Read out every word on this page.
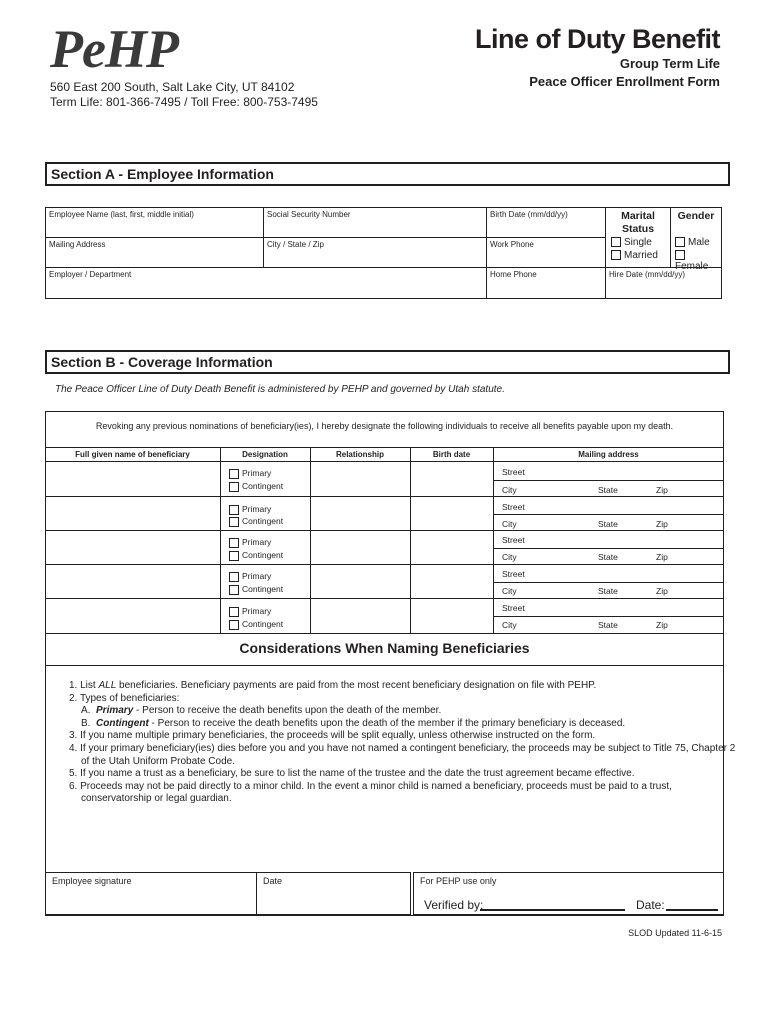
PeHP
560 East 200 South, Salt Lake City, UT 84102
Term Life: 801-366-7495 / Toll Free: 800-753-7495
Line of Duty Benefit
Group Term Life
Peace Officer Enrollment Form
Section A - Employee Information
Employee Name (last, first, middle initial)	Social Security Number	Birth Date (mm/dd/yy)
Mailing Address	City / State / Zip	Work Phone
Employer / Department	Home Phone	Hire Date (mm/dd/yy)
Marital Status
Single
Married
Gender
Male
Female
Section B - Coverage Information
The Peace Officer Line of Duty Death Benefit is administered by PEHP and governed by Utah statute.
Revoking any previous nominations of beneficiary(ies), I hereby designate the following individuals to receive all benefits payable upon my death.
Full given name of beneficiary	Designation	Relationship	Birth date	Mailing address
Primary
Contingent
Street
City	State	Zip
Primary
Contingent
Street
City	State	Zip
Primary
Contingent
Street
City	State	Zip
Primary
Contingent
Street
City	State	Zip
Primary
Contingent
Street
City	State	Zip
Considerations When Naming Beneficiaries
1. List ALL beneficiaries. Beneficiary payments are paid from the most recent beneficiary designation on file with PEHP.
2. Types of beneficiaries:
A.  Primary - Person to receive the death benefits upon the death of the member.
B.  Contingent - Person to receive the death benefits upon the death of the member if the primary beneficiary is deceased.
3. If you name multiple primary beneficiaries, the proceeds will be split equally, unless otherwise instructed on the form.
4. If your primary beneficiary(ies) dies before you and you have not named a contingent beneficiary, the proceeds may be subject to Title 75, Chapter 2
of the Utah Uniform Probate Code.
5. If you name a trust as a beneficiary, be sure to list the name of the trustee and the date the trust agreement became effective.
6. Proceeds may not be paid directly to a minor child. In the event a minor child is named a beneficiary, proceeds must be paid to a trust,
conservatorship or legal guardian.
Employee signature	Date	For PEHP use only
Verified by:	Date:
SLOD Updated 11-6-15
